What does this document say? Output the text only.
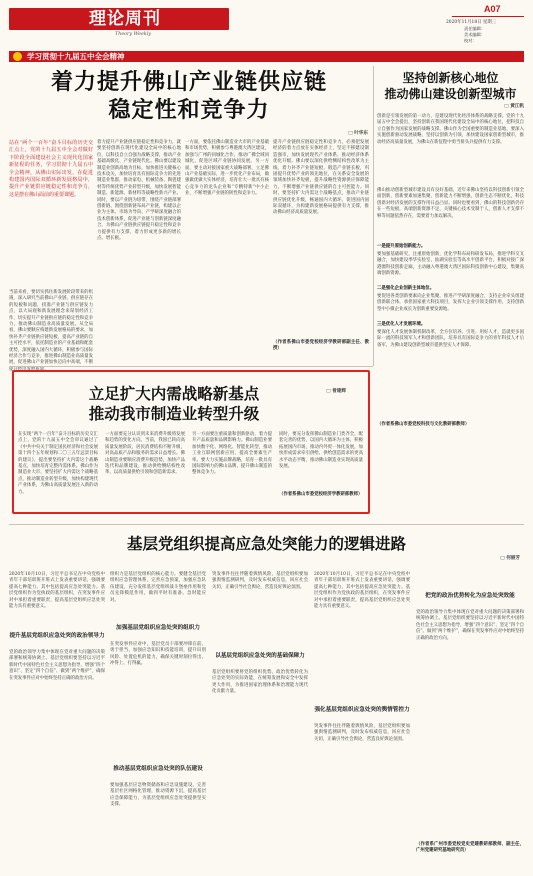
理论周刊
Theory Weekly
A07
2020年11月18日 星期三
责任编辑：
美术编辑：
校对：
学习贯彻十九届五中全会精神
着力提升佛山产业链供应链
稳定性和竞争力
站在“两个一百年”奋斗目标的历史交汇点上，党的十九届五中全会对做好下阶段全面建设社会主义现代化国家新征程的任务，学习贯彻十九届五中全会精神，从佛山实际出发，在促进构建国内国际双循环新发展格局中，提升产业链供应链稳定性和竞争力，这是摆在佛山面前的重要课题。
□ 叶华东
当前来看，要切实抓住新发展阶段带来的机遇，深入研究当前佛山产业链、供应链存在的短板和问题，找准产业链与供应链发力点，以大局观和新发展理念来谋划经济工作，切实提升产业链供应链的稳定性和竞争力，推动佛山制造业高质量发展。从全局看，佛山要顺应构建新发展格局的要求，加快补齐产业链供应链短板，提高产业链的自主可控水平，依托制造业的产业基础和配套优势，深度融入国内大循环，积极参与国际经济合作与竞争，推进佛山制造业高质量发展，促进佛山产业链加快迈向中高端，不断提升经济发展质量。
着力提升产业链供应链稳定性和竞争力，就要坚持创新在现代化建设全局中的核心地位，以科技自立自强为战略支撑，推动产业基础高级化、产业链现代化。佛山要以建设制造业创新高地为目标，加快推进关键核心技术攻关，加快培育具有国际竞争力的先进制造业集群，推动家电、机械装备、陶瓷建材等传统优势产业转型升级，加快发展智能制造、新能源、新材料等战略性新兴产业。同时，要以产业链为纽带，围绕产业链部署创新链、围绕创新链布局产业链，构建以企业为主体、市场为导向、产学研深度融合的技术创新体系，促进产业链与创新链深度融合，为佛山产业链供应链提升稳定性和竞争力提供有力支撑，着力形成更多新的增长点、增长极。
一方面，要依托佛山制造业大市的产业基础和市场优势，积极参与粤港澳大湾区建设，加强与广州的同城化合作，推动广佛全域同城化，促进区域产业链协同发展。另一方面，要主动对接国家重大战略部署，立足佛山产业基础实际，进一步优化产业布局，做强做优做大实体经济，培育壮大一批具有核心竞争力的龙头企业和“专精特新”中小企业，不断增强产业链的韧性和竞争力。
提升产业链供应链稳定性和竞争力，必须把发展经济的着力点放在实体经济上，坚定不移建设制造强市，加快发展现代产业体系，推动经济体系优化升级。佛山要以深化供给侧结构性改革为主线，着力补齐产业链短板，锻造产业链长板，巩固提升优势产业的领先地位，在关系安全发展的领域加快补齐短板，提升战略性资源供应保障能力，不断增强产业链供应链的自主可控能力。同时，要坚持扩大内需这个战略基点，推动产业链供应链优化升级，畅通国内大循环，促进国内国际双循环，为构建新发展格局提供有力支撑，推动佛山经济高质量发展。
（作者系佛山市委党校经济学教研部副主任、教授）
坚持创新核心地位
推动佛山建设创新型城市
□ 黄江帆
创新是引领发展的第一动力，是建设现代化经济体系的战略支撑。党的十九届五中全会提出，坚持创新在我国现代化建设全局中的核心地位，把科技自立自强作为国家发展的战略支撑。佛山作为全国重要的制造业基地，要深入实施创新驱动发展战略，坚持以创新为引领，加快建设国家创新型城市，推动经济高质量发展，为佛山在新征程中勇当排头兵提供有力支撑。
佛山推动创新型城市建设具有良好基础，近年来佛山坚持以科技创新引领全面创新，创新要素加速集聚，创新能力不断增强，创新生态不断优化，科技创新对经济发展的支撑作用日益凸显。同时也要看到，佛山的科技创新仍存在一些短板，高端创新资源不足，关键核心技术受制于人，创新人才支撑不够等问题依然存在，需要着力加以解决。
一是提升原始创新能力。
要加强基础研究，注重原始创新，优化学科布局和研发布局，推进学科交叉融合，加快建设季华实验室、仙湖实验室等高水平创新平台，积极对接广深港澳科技创新走廊，主动融入粤港澳大湾区国际科技创新中心建设，集聚高端创新资源。
二是强化企业创新主体地位。
要促进各类创新要素向企业集聚，推进产学研深度融合，支持企业牵头组建创新联合体，承担国家重大科技项目，发挥大企业引领支撑作用，支持创新型中小微企业成长为创新重要发源地。
三是优化人才发展环境。
要深化人才发展体制机制改革，全方位培养、引进、用好人才，造就更多国际一流的科技领军人才和创新团队，培养具有国际竞争力的青年科技人才后备军，为佛山建设创新型城市提供坚实人才保障。
（作者系佛山市委党校科技与文化教研部教师）
立足扩大内需战略新基点
推动我市制造业转型升级
□ 曾建辉
在实现“两个一百年”奋斗目标的历史交汇点上，党的十九届五中全会审议通过了《中共中央关于制定国民经济和社会发展第十四个五年规划和二〇三五年远景目标的建议》，提出要坚持扩大内需这个战略基点，加快培育完整内需体系。佛山作为制造业大市，要坚持扩大内需这个战略基点，推动制造业转型升级，加快构建现代产业体系，为佛山高质量发展注入新的动力。
一方面要充分认识到未来消费升级将发展和趋势的变化方向。当前，我国已转向高质量发展阶段，居民消费结构不断升级，对高品质产品和服务的需求日益增长。佛山制造业要顺应消费升级趋势，加快产品迭代和品牌建设，推动供给侧结构性改革，以高质量供给引领和创造新需求。
另一方面要注重质量和创新驱动，着力提升产品质量和品牌影响力。佛山制造业要加快数字化、网络化、智能化转型，推动工业互联网创新应用，提高全要素生产率。要大力实施品牌战略，培育一批具有国际影响力的佛山品牌，提升佛山制造的整体竞争力。
同时，要充分发挥佛山制造业门类齐全、配套完善的优势，以国内大循环为主体，积极拓展国内市场，推动内外贸一体化发展，加快形成需求牵引供给、供给创造需求的更高水平动态平衡，推动佛山制造业实现高质量发展。
（作者系佛山市委党校经济学教研部教师）
基层党组织提高应急处突能力的逻辑进路
□ 何丽芳
2020年10月10日，习近平总书记在中央党校中青年干部培训班开班式上发表重要讲话，强调要提高七种能力，其中包括提高应急处突能力。基层党组织作为党执政的基层组织，在突发事件应对中承担着重要职责，提高基层党组织应急处突能力具有重要意义。
提升基层党组织应急处突的政治领导力
党的政治领导力集中体现在党对重大问题的决策部署和统筹协调上。基层党组织要坚持以习近平新时代中国特色社会主义思想为指导，增强“四个意识”、坚定“四个自信”、做到“两个维护”，确保在突发事件应对中始终坚持正确的政治方向。
组织力是基层党组织的核心能力。要健全基层党组织应急管理体系，完善应急预案，加强应急队伍建设，充分发挥基层党组织战斗堡垒作用和党员先锋模范作用，做到平时有准备、急时能应对。
加强基层党组织应急处突的组织力
在突发事件应对中，基层党员干部要冲锋在前、勇于担当，加强应急知识和技能培训，提升识别风险、处置危机的能力，确保关键时刻拉得出、冲得上、打得赢。
推动基层党组织应急处突的队伍建设
要加强基层应急物资储备和应急设施建设，完善基层社区网格化管理，推动资源下沉，提高基层应急保障能力，为基层党组织应急处突提供坚实支撑。
突发事件往往伴随着舆情风险，基层党组织要加强舆情监测研判，及时发布权威信息，回应社会关切，正确引导社会舆论，营造良好舆论氛围。
以基层党组织应急处突的基础保障力
基层党组织要将党的组织优势、政治优势转化为应急处突的实际效能，在统筹发展和安全中发挥更大作用，为推进国家治理体系和治理能力现代化贡献力量。
强化基层党组织应急处突的舆情管控力
2020年10月10日，习近平总书记在中央党校中青年干部培训班开班式上发表重要讲话，强调要提高七种能力，其中包括提高应急处突能力。基层党组织作为党执政的基层组织，在突发事件应对中承担着重要职责，提高基层党组织应急处突能力具有重要意义。
突发事件往往伴随着舆情风险，基层党组织要加强舆情监测研判，及时发布权威信息，回应社会关切，正确引导社会舆论，营造良好舆论氛围。
把党的政治优势转化为应急处突效能
党的政治领导力集中体现在党对重大问题的决策部署和统筹协调上。基层党组织要坚持以习近平新时代中国特色社会主义思想为指导，增强“四个意识”、坚定“四个自信”、做到“两个维护”，确保在突发事件应对中始终坚持正确的政治方向。
（作者系广州市委党校党史党建教研部教师、副主任，广州党建研究基地研究员）
